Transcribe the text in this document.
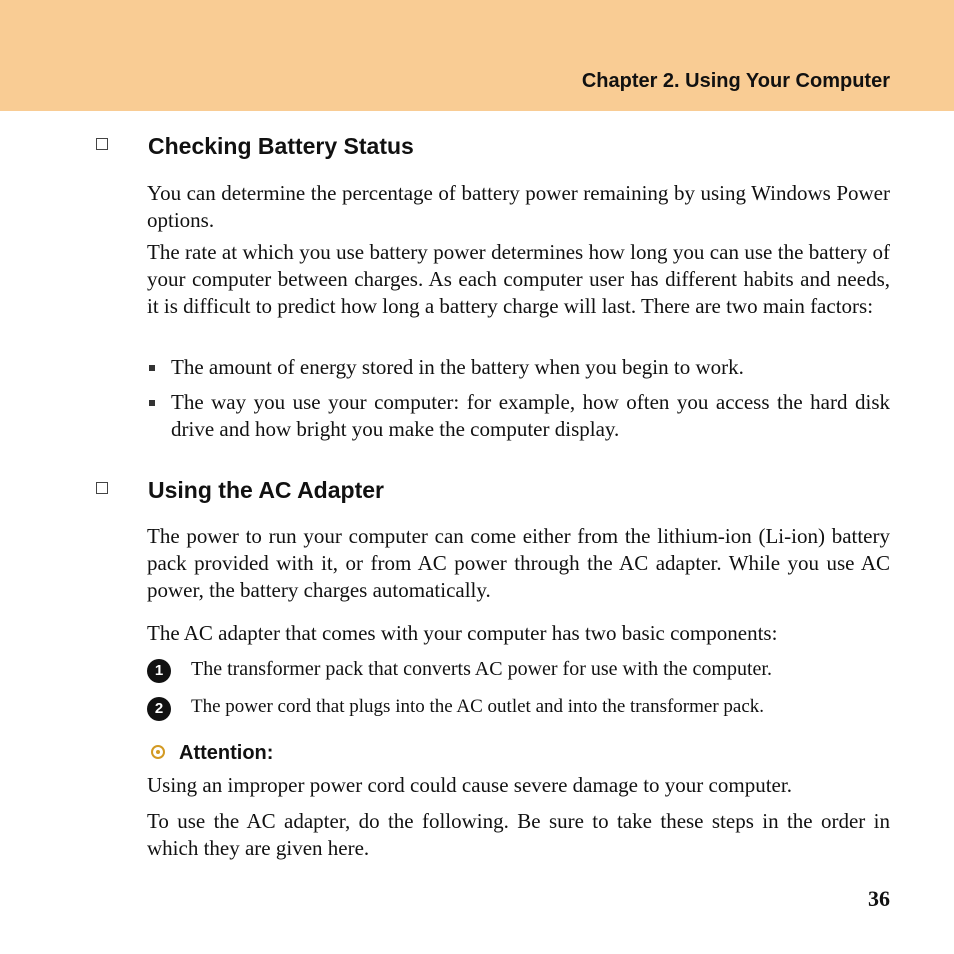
Chapter 2. Using Your Computer
Checking Battery Status

You can determine the percentage of battery power remaining by using Windows Power options.

The rate at which you use battery power determines how long you can use the battery of your computer between charges. As each computer user has different habits and needs, it is difficult to predict how long a battery charge will last. There are two main factors:

The amount of energy stored in the battery when you begin to work.
The way you use your computer: for example, how often you access the hard disk drive and how bright you make the computer display.
Using the AC Adapter

The power to run your computer can come either from the lithium-ion (Li-ion) battery pack provided with it, or from AC power through the AC adapter. While you use AC power, the battery charges automatically.

The AC adapter that comes with your computer has two basic components:

1	The transformer pack that converts AC power for use with the computer.
2	The power cord that plugs into the AC outlet and into the transformer pack.
Attention:

Using an improper power cord could cause severe damage to your computer.

To use the AC adapter, do the following. Be sure to take these steps in the order in which they are given here.

36
